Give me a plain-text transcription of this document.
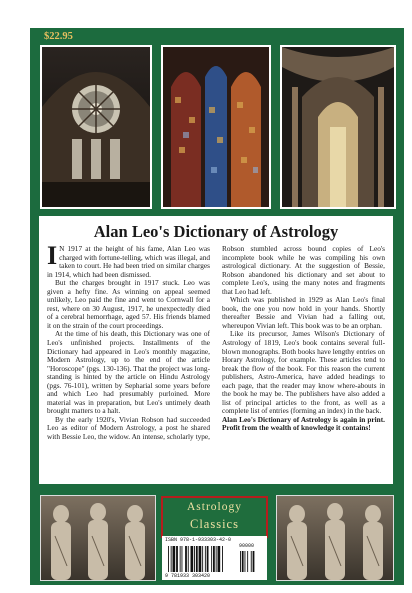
$22.95
Alan Leo's Dictionary of Astrology

I N 1917 at the height of his fame, Alan Leo was charged with fortune-telling, which was illegal, and taken to court. He had been tried on similar charges in 1914, which had been dismissed.

But the charges brought in 1917 stuck. Leo was given a hefty fine. As winning on appeal seemed unlikely, Leo paid the fine and went to Cornwall for a rest, where on 30 August, 1917, he unexpectedly died of a cerebral hemorrhage, aged 57. His friends blamed it on the strain of the court proceedings.

At the time of his death, this Dictionary was one of Leo's unfinished projects. Installments of the Dictionary had appeared in Leo's monthly magazine, Modern Astrology, up to the end of the article "Horoscope" (pgs. 130-136). That the project was long-standing is hinted by the article on Hindu Astrology (pgs. 76-101), written by Sepharial some years before and which Leo had presumably purloined. More material was in preparation, but Leo's untimely death brought matters to a halt.

By the early 1920's, Vivian Robson had succeeded Leo as editor of Modern Astrology, a post he shared with Bessie Leo, the widow. An intense, scholarly type, Robson stumbled across bound copies of Leo's incomplete book while he was compiling his own astrological dictionary. At the suggestion of Bessie, Robson abandoned his dictionary and set about to complete Leo's, using the many notes and fragments that Leo had left.

Which was published in 1929 as Alan Leo's final book, the one you now hold in your hands. Shortly thereafter Bessie and Vivian had a falling out, whereupon Vivian left. This book was to be an orphan.

Like its precursor, James Wilson's Dictionary of Astrology of 1819, Leo's book contains several full-blown monographs. Both books have lengthy entries on Horary Astrology, for example. These articles tend to break the flow of the book. For this reason the current publishers, Astro-America, have added headings to each page, that the reader may know where-abouts in the book he may be. The publishers have also added a list of principal articles to the front, as well as a complete list of entries (forming an index) in the back.

Alan Leo's Dictionary of Astrology is again in print. Profit from the wealth of knowledge it contains!

Astrology
Classics
ISBN 978-1-933303-42-0
90000
9 781933 303420
